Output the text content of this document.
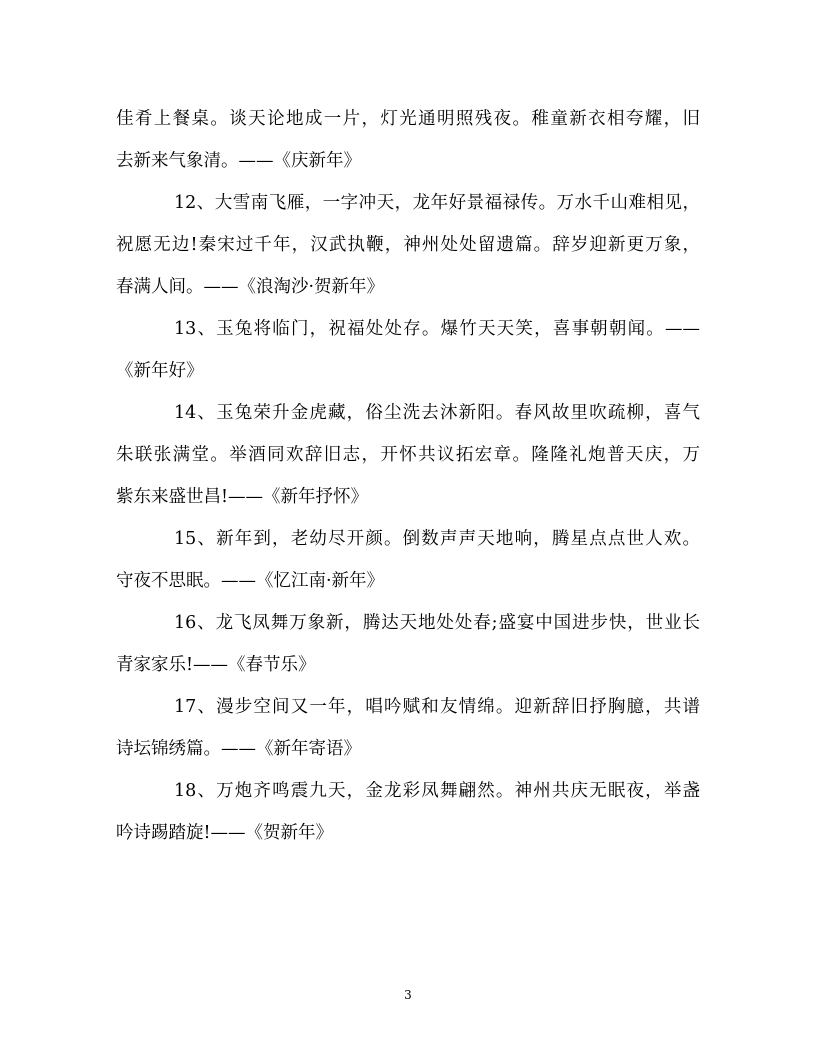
佳肴上餐桌。谈天论地成一片，灯光通明照残夜。稚童新衣相夸耀，旧
去新来气象清。——《庆新年》
12、大雪南飞雁，一字冲天，龙年好景福禄传。万水千山难相见，
祝愿无边!秦宋过千年，汉武执鞭，神州处处留遗篇。辞岁迎新更万象，
春满人间。——《浪淘沙·贺新年》
13、玉兔将临门，祝福处处存。爆竹天天笑，喜事朝朝闻。——
《新年好》
14、玉兔荣升金虎藏，俗尘洗去沐新阳。春风故里吹疏柳，喜气
朱联张满堂。举酒同欢辞旧志，开怀共议拓宏章。隆隆礼炮普天庆，万
紫东来盛世昌!——《新年抒怀》
15、新年到，老幼尽开颜。倒数声声天地响，腾星点点世人欢。
守夜不思眠。——《忆江南·新年》
16、龙飞凤舞万象新，腾达天地处处春;盛宴中国进步快，世业长
青家家乐!——《春节乐》
17、漫步空间又一年，唱吟赋和友情绵。迎新辞旧抒胸臆，共谱
诗坛锦绣篇。——《新年寄语》
18、万炮齐鸣震九天，金龙彩凤舞翩然。神州共庆无眠夜，举盏
吟诗踢踏旋!——《贺新年》
3
